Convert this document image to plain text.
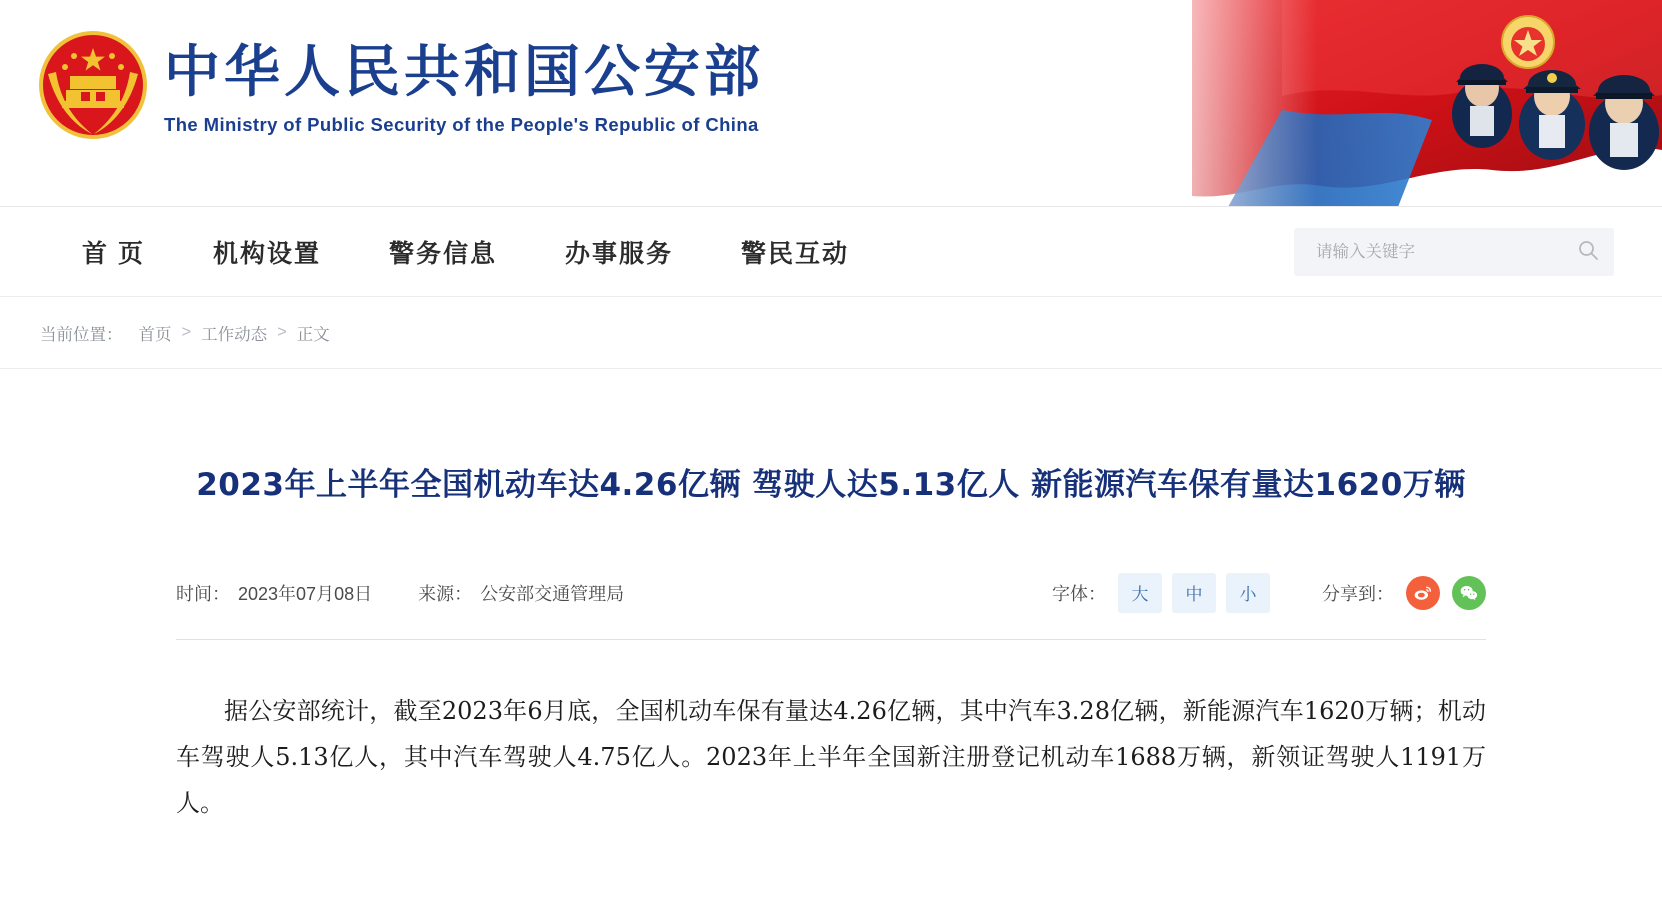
中华人民共和国公安部
The Ministry of Public Security of the People's Republic of China
首 页	机构设置	警务信息	办事服务	警民互动
请输入关键字
当前位置： 首页 > 工作动态 > 正文
2023年上半年全国机动车达4.26亿辆 驾驶人达5.13亿人 新能源汽车保有量达1620万辆
时间： 2023年07月08日	来源： 公安部交通管理局	字体：	大	中	小	分享到：

据公安部统计，截至2023年6月底，全国机动车保有量达4.26亿辆，其中汽车3.28亿辆，新能源汽车1620万辆；机动车驾驶人5.13亿人，其中汽车驾驶人4.75亿人。2023年上半年全国新注册登记机动车1688万辆，新领证驾驶人1191万人。
